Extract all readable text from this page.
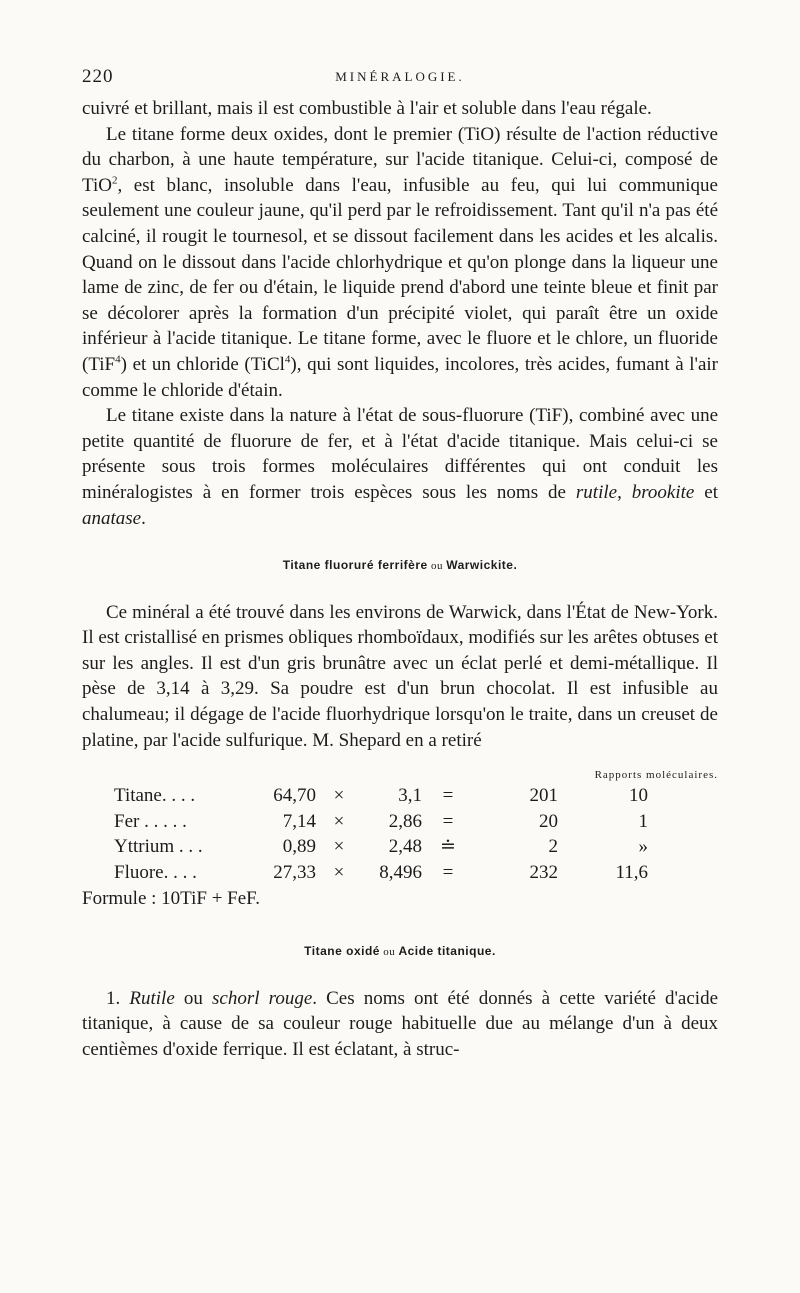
220	MINÉRALOGIE.

cuivré et brillant, mais il est combustible à l'air et soluble dans l'eau régale.

Le titane forme deux oxides, dont le premier (TiO) résulte de l'action réductive du charbon, à une haute température, sur l'acide titanique. Celui-ci, composé de TiO$^2$, est blanc, insoluble dans l'eau, infusible au feu, qui lui communique seulement une couleur jaune, qu'il perd par le refroidissement. Tant qu'il n'a pas été calciné, il rougit le tournesol, et se dissout facilement dans les acides et les alcalis. Quand on le dissout dans l'acide chlorhydrique et qu'on plonge dans la liqueur une lame de zinc, de fer ou d'étain, le liquide prend d'abord une teinte bleue et finit par se décolorer après la formation d'un précipité violet, qui paraît être un oxide inférieur à l'acide titanique. Le titane forme, avec le fluore et le chlore, un fluoride (TiF$^4$) et un chloride (TiCl$^4$), qui sont liquides, incolores, très acides, fumant à l'air comme le chloride d'étain.

Le titane existe dans la nature à l'état de sous-fluorure (TiF), combiné avec une petite quantité de fluorure de fer, et à l'état d'acide titanique. Mais celui-ci se présente sous trois formes moléculaires différentes qui ont conduit les minéralogistes à en former trois espèces sous les noms de rutile, brookite et anatase.

Titane fluoruré ferrifère ou Warwickite.

Ce minéral a été trouvé dans les environs de Warwick, dans l'État de New-York. Il est cristallisé en prismes obliques rhomboïdaux, modifiés sur les arêtes obtuses et sur les angles. Il est d'un gris brunâtre avec un éclat perlé et demi-métallique. Il pèse de 3,14 à 3,29. Sa poudre est d'un brun chocolat. Il est infusible au chalumeau; il dégage de l'acide fluorhydrique lorsqu'on le traite, dans un creuset de platine, par l'acide sulfurique. M. Shepard en a retiré

Rapports moléculaires.
Titane. . . .	64,70	×	3,1	=	201	10
Fer . . . . .	7,14	×	2,86	=	20	1
Yttrium . . .	0,89	×	2,48	≐	2	»
Fluore. . . .	27,33	×	8,496	=	232	11,6

Formule : 10TiF + FeF.

Titane oxidé ou Acide titanique.

1. Rutile ou schorl rouge. Ces noms ont été donnés à cette variété d'acide titanique, à cause de sa couleur rouge habituelle due au mélange d'un à deux centièmes d'oxide ferrique. Il est éclatant, à struc-
